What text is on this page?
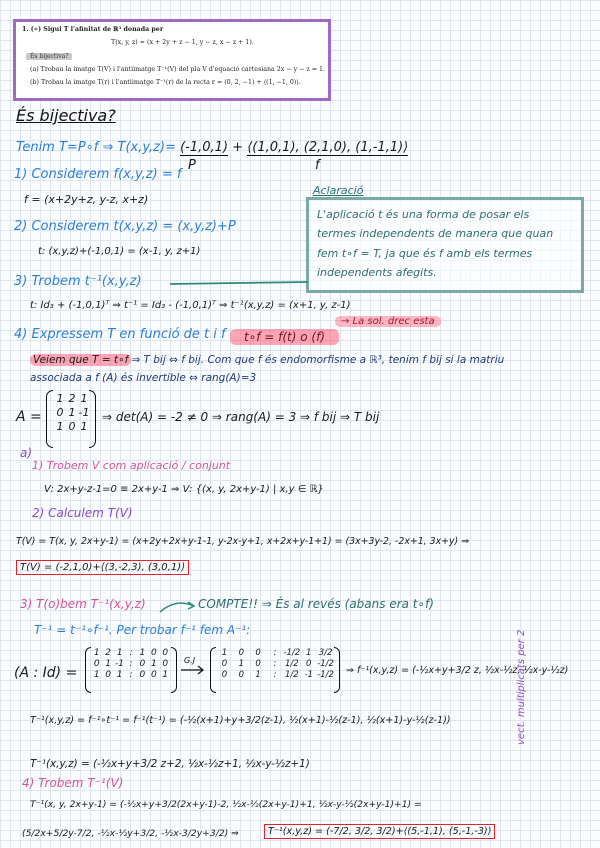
1. (∗) Sigui T l'afinitat de ℝ³ donada per
T(x, y, z) = (x + 2y + z − 1, y − z, x − z + 1).
És bijectiva?
(a) Trobau la imatge T(V) i l'antiimatge T⁻¹(V) del pla V d'equació cartesiana 2x − y − z = 1.
(b) Trobau la imatge T(r) i l'antiimatge T⁻¹(r) de la recta r = (0, 2, −1) + ⟨(1, −1, 0)⟩.
És bijectiva?
Tenim T=P∘f ⇒ T(x,y,z)= (-1,0,1) + ⟨(1,0,1), (2,1,0), (1,-1,1)⟩
P	f
1) Considerem f(x,y,z) = f
f = (x+2y+z, y-z, x+z)
Aclaració
L'aplicació t és una forma de posar els
termes independents de manera que quan
fem t∘f = T, ja que és f amb els termes
independents afegits.
2) Considerem t(x,y,z) = (x,y,z)+P
t: (x,y,z)+(-1,0,1) = (x-1, y, z+1)
3) Trobem t⁻¹(x,y,z)
t: Id₃ + (-1,0,1)ᵀ ⇒ t⁻¹ = Id₃ - (-1,0,1)ᵀ ⇒ t⁻¹(x,y,z) = (x+1, y, z-1)
4) Expressem T en funció de t i f	t∘f = f(t) o (f)
→ La sol. drec esta
Veiem que T = t∘f ⇒ T bij ⇔ f bij. Com que f és endomorfisme a ℝ³, tenim f bij si la matriu
associada a f (A) és invertible ⇔ rang(A)=3
A =
1 2 1
0 1 -1
1 0 1
⇒ det(A) = -2 ≠ 0 ⇒ rang(A) = 3 ⇒ f bij ⇒ T bij
a)
1) Trobem V com aplicació / conjunt
V: 2x+y-z-1=0 ≡ 2x+y-1 ⇒ V: {(x, y, 2x+y-1) | x,y ∈ ℝ}
2) Calculem T(V)
T(V) = T(x, y, 2x+y-1) = (x+2y+2x+y-1-1, y-2x-y+1, x+2x+y-1+1) = (3x+3y-2, -2x+1, 3x+y) ⇒
T(V) = (-2,1,0)+⟨(3,-2,3), (3,0,1)⟩
3) T(o)bem T⁻¹(x,y,z)	COMPTE!! ⇒ És al revés (abans era t∘f)
T⁻¹ = t⁻¹∘f⁻¹. Per trobar f⁻¹ fem A⁻¹:
(A : Id) =
1 2 1 : 1 0 0
0 1 -1 : 0 1 0
1 0 1 : 0 0 1
G.J
1	0	0	: -1/2 1 3/2
0	1	0	:	1/2 0 -1/2
0	0	1	:	1/2 -1 -1/2 ⇒ f⁻¹(x,y,z) = (-½x+y+3/2 z, ½x-½z, ½x-y-½z)
T⁻¹(x,y,z) = f⁻¹∘t⁻¹ = f⁻¹(t⁻¹) = (-½(x+1)+y+3/2(z-1), ½(x+1)-½(z-1), ½(x+1)-y-½(z-1))
T⁻¹(x,y,z) = (-½x+y+3/2 z+2, ½x-½z+1, ½x-y-½z+1)
4) Trobem T⁻¹(V)
T⁻¹(x, y, 2x+y-1) = (-½x+y+3/2(2x+y-1)-2, ½x-½(2x+y-1)+1, ½x-y-½(2x+y-1)+1) =
(5/2x+5/2y-7/2, -½x-½y+3/2, -½x-3/2y+3/2) ⇒	T⁻¹(x,y,z) = (-7/2, 3/2, 3/2)+⟨(5,-1,1), (5,-1,-3)⟩
vect. multiplicats per 2
